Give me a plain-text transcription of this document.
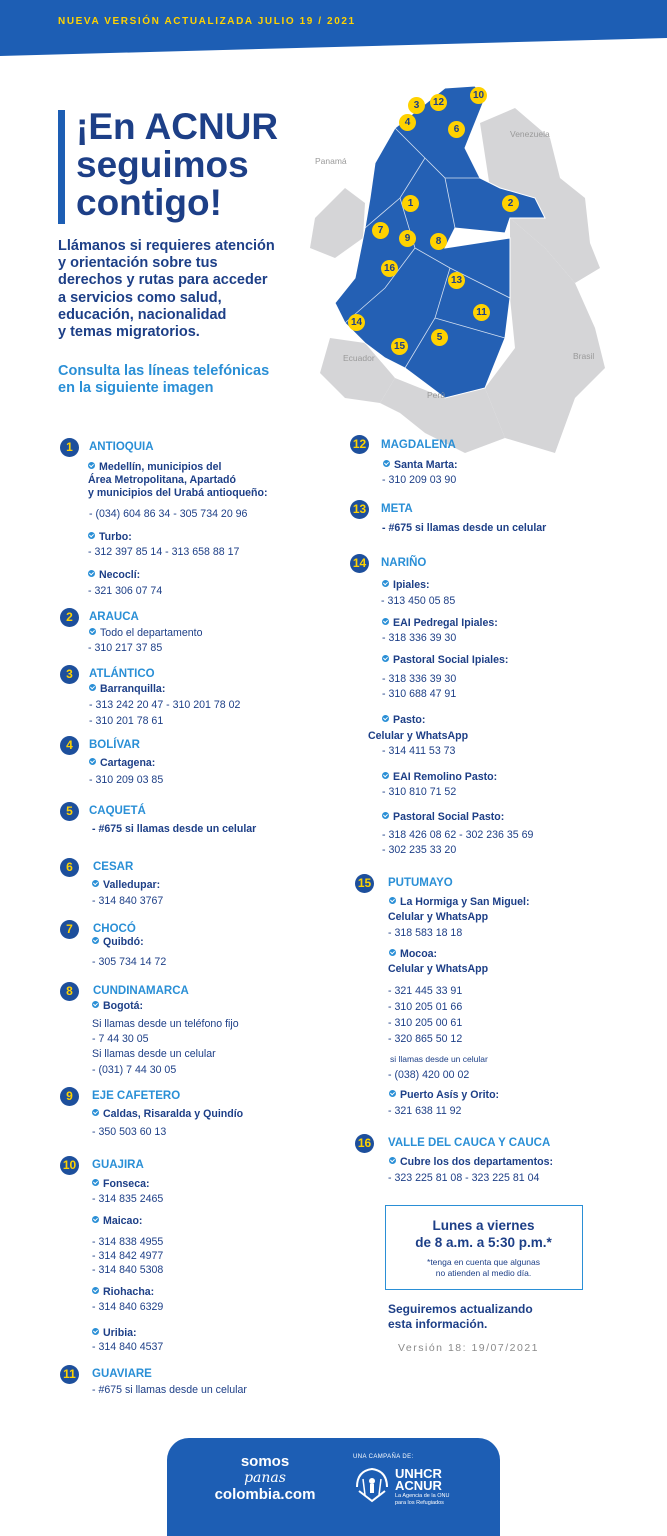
NUEVA VERSIÓN ACTUALIZADA JULIO 19 / 2021
¡En ACNUR
seguimos
contigo!
Llámanos si requieres atención
y orientación sobre tus
derechos y rutas para acceder
a servicios como salud,
educación, nacionalidad
y temas migratorios.
Consulta las líneas telefónicas
en la siguiente imagen
Panamá
Venezuela
Ecuador
Perú
Brasil
1	2
3
4
5
6
7
8
9
10
11
12
13
14
15
16
1	ANTIOQUIA
Medellín, municipios del
Área Metropolitana, Apartadó
y municipios del Urabá antioqueño:
- (034) 604 86 34 - 305 734 20 96
Turbo:
- 312 397 85 14 - 313 658 88 17
Necoclí:
- 321 306 07 74
2	ARAUCA
Todo el departamento
- 310 217 37 85
3	ATLÁNTICO
Barranquilla:
- 313 242 20 47 - 310 201 78 02
- 310 201 78 61
4	BOLÍVAR
Cartagena:
- 310 209 03 85
5	CAQUETÁ
- #675 si llamas desde un celular
6	CESAR
Valledupar:
- 314 840 3767
7	CHOCÓ
Quibdó:
- 305 734 14 72
8	CUNDINAMARCA
Bogotá:
Si llamas desde un teléfono fijo
- 7 44 30 05
Si llamas desde un celular
- (031) 7 44 30 05
9	EJE CAFETERO
Caldas, Risaralda y Quindío
- 350 503 60 13
10 GUAJIRA
Fonseca:
- 314 835 2465
Maicao:
- 314 838 4955
- 314 842 4977
- 314 840 5308
Riohacha:
- 314 840 6329
Uribia:
- 314 840 4537
11 GUAVIARE
- #675 si llamas desde un celular
12 MAGDALENA
Santa Marta:
- 310 209 03 90
13 META
- #675 si llamas desde un celular
14 NARIÑO
Ipiales:
- 313 450 05 85
EAI Pedregal Ipiales:
- 318 336 39 30
Pastoral Social Ipiales:
- 318 336 39 30
- 310 688 47 91
Pasto:
Celular y WhatsApp
- 314 411 53 73
EAI Remolino Pasto:
- 310 810 71 52
Pastoral Social Pasto:
- 318 426 08 62 - 302 236 35 69
- 302 235 33 20
15 PUTUMAYO
La Hormiga y San Miguel:
Celular y WhatsApp
- 318 583 18 18
Mocoa:
Celular y WhatsApp
- 321 445 33 91
- 310 205 01 66
- 310 205 00 61
- 320 865 50 12
si llamas desde un celular
- (038) 420 00 02
Puerto Asís y Orito:
- 321 638 11 92
16 VALLE DEL CAUCA Y CAUCA
Cubre los dos departamentos:
- 323 225 81 08 - 323 225 81 04
Lunes a viernes
de 8 a.m. a 5:30 p.m.*
*tenga en cuenta que algunas
no atienden al medio día.
Seguiremos actualizando
esta información.
Versión 18: 19/07/2021
somos
panas
colombia.com
UNA CAMPAÑA DE:
UNHCR
ACNUR
La Agencia de la ONU
para los Refugiados
